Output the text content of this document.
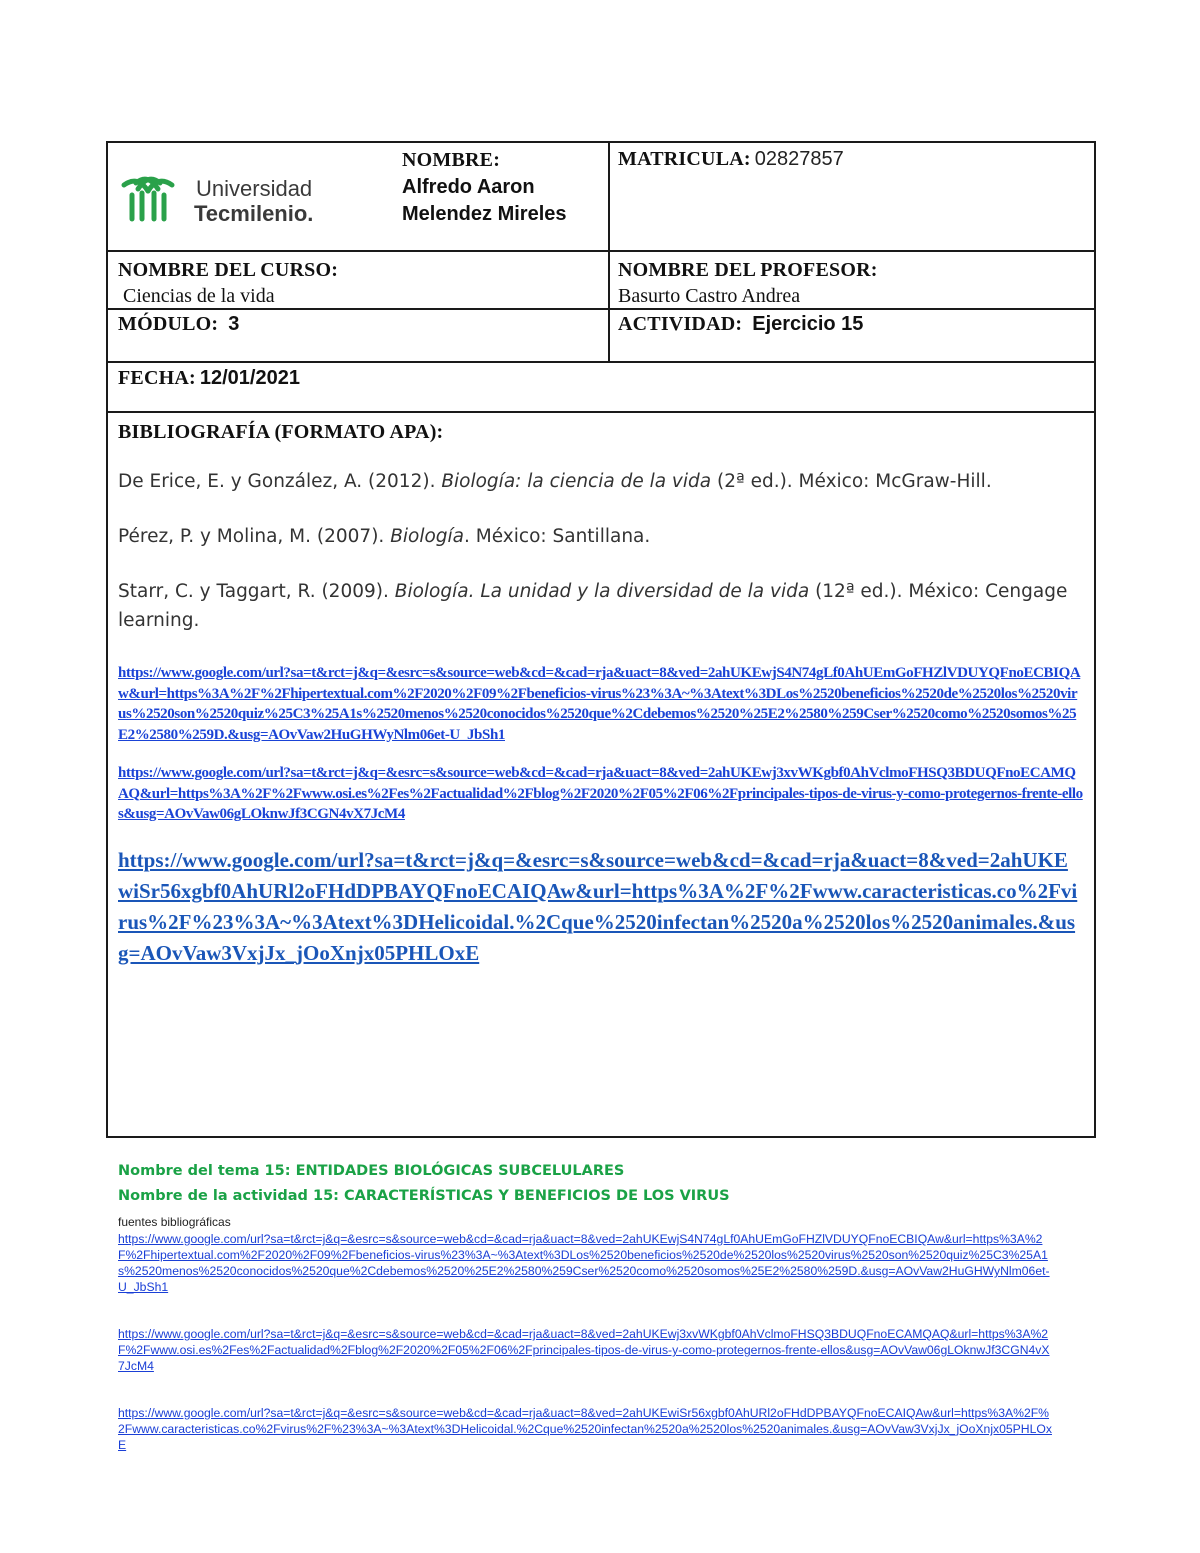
Universidad
Tecmilenio.
NOMBRE:
Alfredo Aaron
Melendez Mireles
MATRICULA: 02827857
NOMBRE DEL CURSO:
Ciencias de la vida
NOMBRE DEL PROFESOR:
Basurto Castro Andrea
MÓDULO: 3	ACTIVIDAD: Ejercicio 15
FECHA: 12/01/2021
BIBLIOGRAFÍA (FORMATO APA):

De Erice, E. y González, A. (2012). Biología: la ciencia de la vida (2ª ed.). México: McGraw-Hill.

Pérez, P. y Molina, M. (2007). Biología. México: Santillana.

Starr, C. y Taggart, R. (2009). Biología. La unidad y la diversidad de la vida (12ª ed.). México: Cengage learning.

https://www.google.com/url?sa=t&rct=j&q=&esrc=s&source=web&cd=&cad=rja&uact=8&ved=2ahUKEwjS4N74gLf0AhUEmGoFHZlVDUYQFnoECBIQAw&url=https%3A%2F%2Fhipertextual.com%2F2020%2F09%2Fbeneficios-virus%23%3A~%3Atext%3DLos%2520beneficios%2520de%2520los%2520virus%2520son%2520quiz%25C3%25A1s%2520menos%2520conocidos%2520que%2Cdebemos%2520%25E2%2580%259Cser%2520como%2520somos%25E2%2580%259D.&usg=AOvVaw2HuGHWyNlm06et-U_JbSh1
https://www.google.com/url?sa=t&rct=j&q=&esrc=s&source=web&cd=&cad=rja&uact=8&ved=2ahUKEwj3xvWKgbf0AhVclmoFHSQ3BDUQFnoECAMQAQ&url=https%3A%2F%2Fwww.osi.es%2Fes%2Factualidad%2Fblog%2F2020%2F05%2F06%2Fprincipales-tipos-de-virus-y-como-protegernos-frente-ellos&usg=AOvVaw06gLOknwJf3CGN4vX7JcM4
https://www.google.com/url?sa=t&rct=j&q=&esrc=s&source=web&cd=&cad=rja&uact=8&ved=2ahUKEwiSr56xgbf0AhURl2oFHdDPBAYQFnoECAIQAw&url=https%3A%2F%2Fwww.caracteristicas.co%2Fvirus%2F%23%3A~%3Atext%3DHelicoidal.%2Cque%2520infectan%2520a%2520los%2520animales.&usg=AOvVaw3VxjJx_jOoXnjx05PHLOxE
Nombre del tema 15: ENTIDADES BIOLÓGICAS SUBCELULARES
Nombre de la actividad 15: CARACTERÍSTICAS Y BENEFICIOS DE LOS VIRUS
fuentes bibliográficas
https://www.google.com/url?sa=t&rct=j&q=&esrc=s&source=web&cd=&cad=rja&uact=8&ved=2ahUKEwjS4N74gLf0AhUEmGoFHZlVDUYQFnoECBIQAw&url=https%3A%2F%2Fhipertextual.com%2F2020%2F09%2Fbeneficios-virus%23%3A~%3Atext%3DLos%2520beneficios%2520de%2520los%2520virus%2520son%2520quiz%25C3%25A1s%2520menos%2520conocidos%2520que%2Cdebemos%2520%25E2%2580%259Cser%2520como%2520somos%25E2%2580%259D.&usg=AOvVaw2HuGHWyNlm06et-U_JbSh1
https://www.google.com/url?sa=t&rct=j&q=&esrc=s&source=web&cd=&cad=rja&uact=8&ved=2ahUKEwj3xvWKgbf0AhVclmoFHSQ3BDUQFnoECAMQAQ&url=https%3A%2F%2Fwww.osi.es%2Fes%2Factualidad%2Fblog%2F2020%2F05%2F06%2Fprincipales-tipos-de-virus-y-como-protegernos-frente-ellos&usg=AOvVaw06gLOknwJf3CGN4vX7JcM4
https://www.google.com/url?sa=t&rct=j&q=&esrc=s&source=web&cd=&cad=rja&uact=8&ved=2ahUKEwiSr56xgbf0AhURl2oFHdDPBAYQFnoECAIQAw&url=https%3A%2F%2Fwww.caracteristicas.co%2Fvirus%2F%23%3A~%3Atext%3DHelicoidal.%2Cque%2520infectan%2520a%2520los%2520animales.&usg=AOvVaw3VxjJx_jOoXnjx05PHLOxE
